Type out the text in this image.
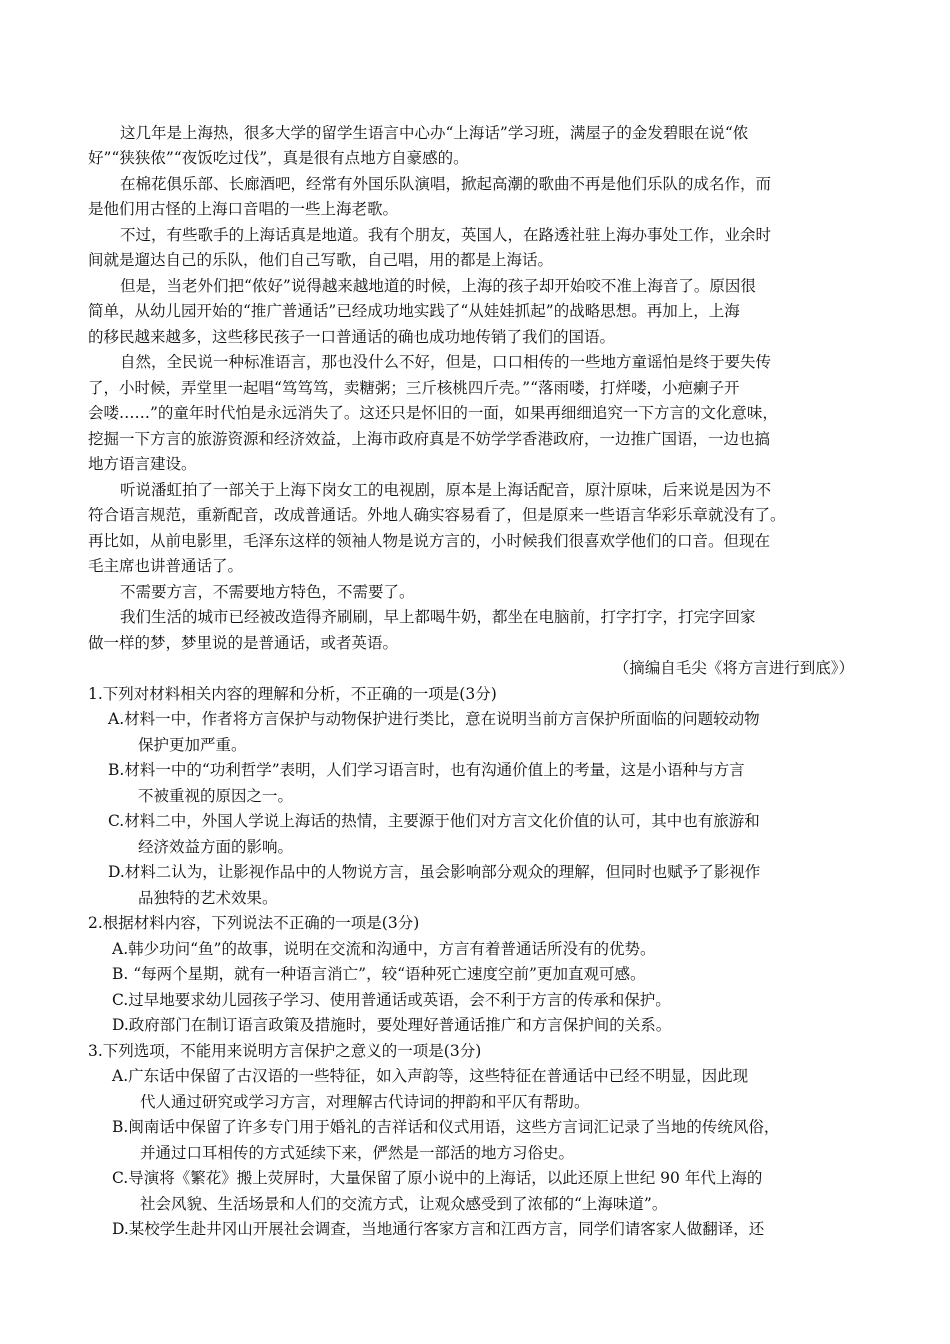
这几年是上海热，很多大学的留学生语言中心办“上海话”学习班，满屋子的金发碧眼在说“侬
好”“狭狭侬”“夜饭吃过伐”，真是很有点地方自豪感的。
在棉花俱乐部、长廊酒吧，经常有外国乐队演唱，掀起高潮的歌曲不再是他们乐队的成名作，而
是他们用古怪的上海口音唱的一些上海老歌。
不过，有些歌手的上海话真是地道。我有个朋友，英国人，在路透社驻上海办事处工作，业余时
间就是遛达自己的乐队，他们自己写歌，自己唱，用的都是上海话。
但是，当老外们把“侬好”说得越来越地道的时候，上海的孩子却开始咬不准上海音了。原因很
简单，从幼儿园开始的“推广普通话”已经成功地实践了“从娃娃抓起”的战略思想。再加上，上海
的移民越来越多，这些移民孩子一口普通话的确也成功地传销了我们的国语。
自然，全民说一种标准语言，那也没什么不好，但是，口口相传的一些地方童谣怕是终于要失传
了，小时候，弄堂里一起唱“笃笃笃，卖糖粥；三斤核桃四斤壳。”“落雨喽，打烊喽，小疤瘌子开
会喽……”的童年时代怕是永远消失了。这还只是怀旧的一面，如果再细细追究一下方言的文化意味，
挖掘一下方言的旅游资源和经济效益，上海市政府真是不妨学学香港政府，一边推广国语，一边也搞
地方语言建设。
听说潘虹拍了一部关于上海下岗女工的电视剧，原本是上海话配音，原汁原味，后来说是因为不
符合语言规范，重新配音，改成普通话。外地人确实容易看了，但是原来一些语言华彩乐章就没有了。
再比如，从前电影里，毛泽东这样的领袖人物是说方言的，小时候我们很喜欢学他们的口音。但现在
毛主席也讲普通话了。
不需要方言，不需要地方特色，不需要了。
我们生活的城市已经被改造得齐刷刷，早上都喝牛奶，都坐在电脑前，打字打字，打完字回家
做一样的梦，梦里说的是普通话，或者英语。
（摘编自毛尖《将方言进行到底》）
1.下列对材料相关内容的理解和分析，不正确的一项是(3分)
A.材料一中，作者将方言保护与动物保护进行类比，意在说明当前方言保护所面临的问题较动物
保护更加严重。
B.材料一中的“功利哲学”表明，人们学习语言时，也有沟通价值上的考量，这是小语种与方言
不被重视的原因之一。
C.材料二中，外国人学说上海话的热情，主要源于他们对方言文化价值的认可，其中也有旅游和
经济效益方面的影响。
D.材料二认为，让影视作品中的人物说方言，虽会影响部分观众的理解，但同时也赋予了影视作
品独特的艺术效果。
2.根据材料内容，下列说法不正确的一项是(3分)
A.韩少功问“鱼”的故事，说明在交流和沟通中，方言有着普通话所没有的优势。
B. “每两个星期，就有一种语言消亡”，较“语种死亡速度空前”更加直观可感。
C.过早地要求幼儿园孩子学习、使用普通话或英语，会不利于方言的传承和保护。
D.政府部门在制订语言政策及措施时，要处理好普通话推广和方言保护间的关系。
3.下列选项，不能用来说明方言保护之意义的一项是(3分)
A.广东话中保留了古汉语的一些特征，如入声韵等，这些特征在普通话中已经不明显，因此现
代人通过研究或学习方言，对理解古代诗词的押韵和平仄有帮助。
B.闽南话中保留了许多专门用于婚礼的吉祥话和仪式用语，这些方言词汇记录了当地的传统风俗，
并通过口耳相传的方式延续下来，俨然是一部活的地方习俗史。
C.导演将《繁花》搬上荧屏时，大量保留了原小说中的上海话，以此还原上世纪 90 年代上海的
社会风貌、生活场景和人们的交流方式，让观众感受到了浓郁的“上海味道”。
D.某校学生赴井冈山开展社会调查，当地通行客家方言和江西方言，同学们请客家人做翻译，还
